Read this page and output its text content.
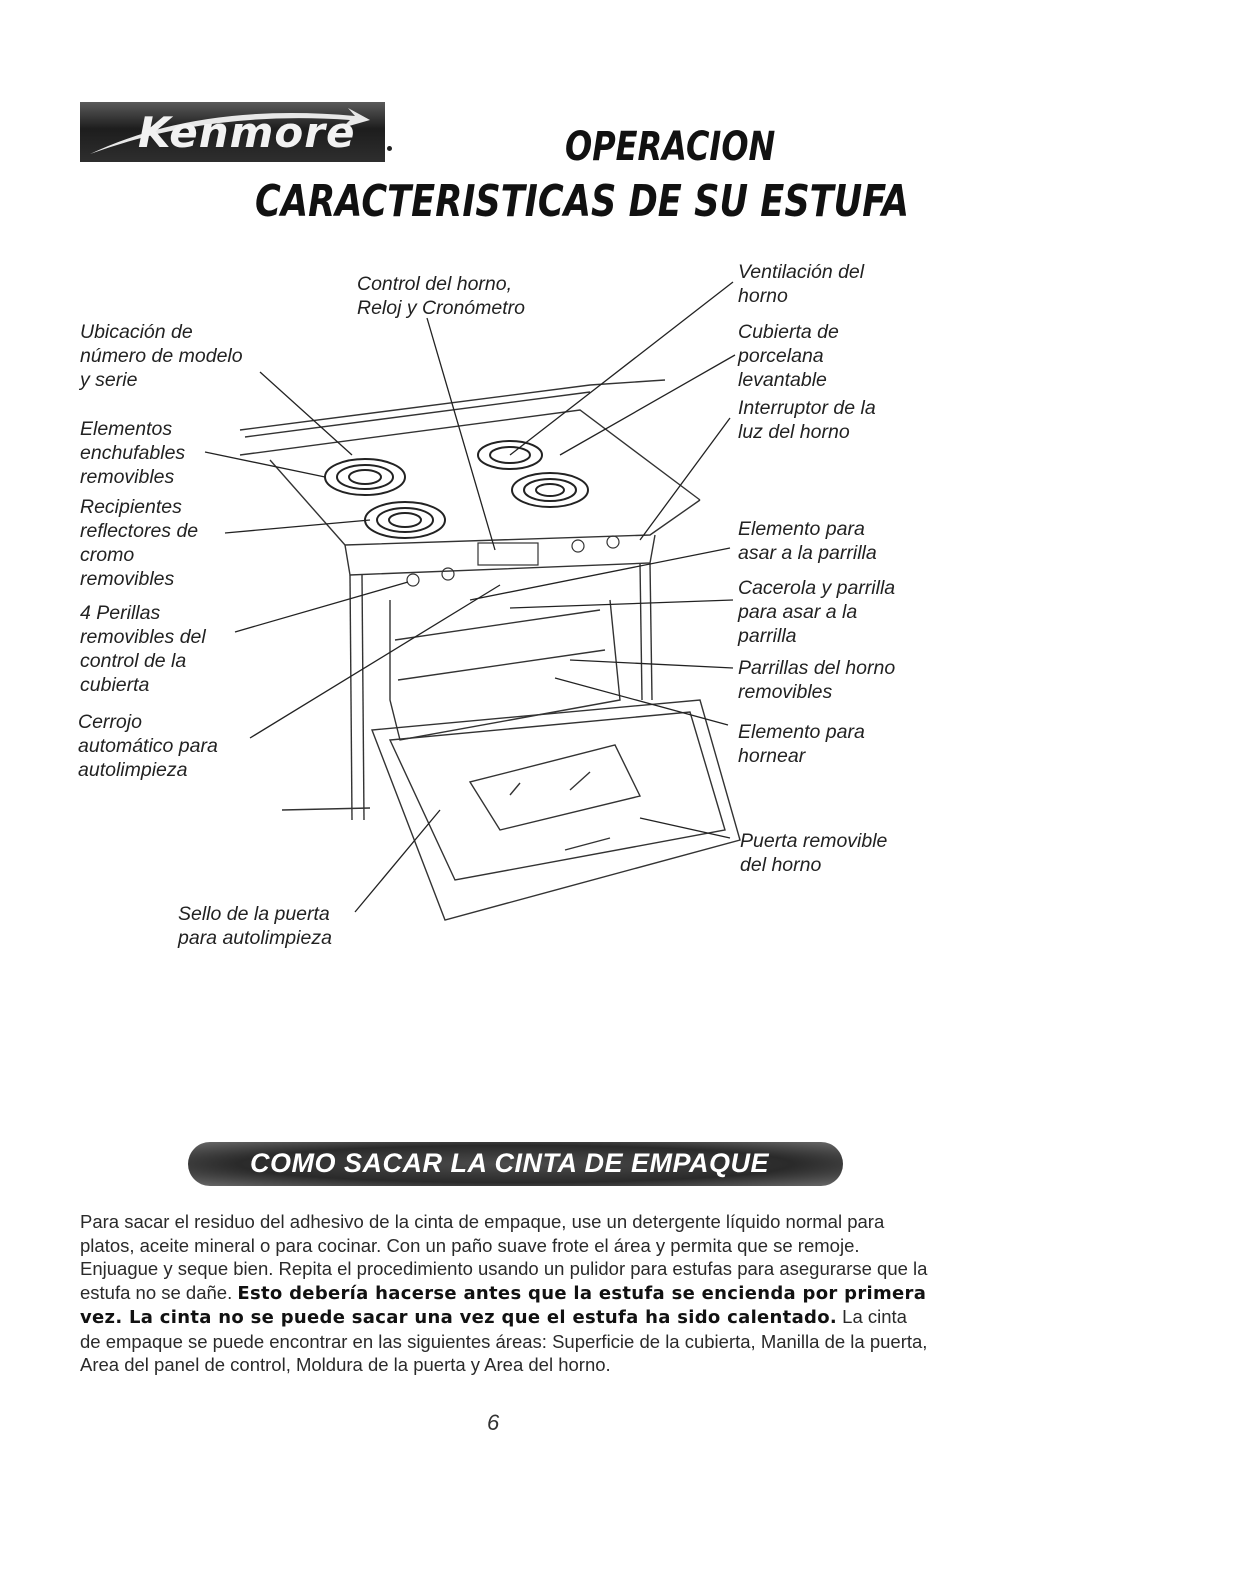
Kenmore	OPERACION
CARACTERISTICAS DE SU ESTUFA
Control del horno,
Reloj y Cronómetro
Ventilación del
horno
Ubicación de
número de modelo
y serie
Cubierta de
porcelana
levantable
Interruptor de la
luz del horno
Elementos
enchufables
removibles
Recipientes
reflectores de
cromo
removibles
Elemento para
asar a la parrilla
4 Perillas
removibles del
control de la
cubierta
Cacerola y parrilla
para asar a la
parrilla
Parrillas del horno
removibles
Cerrojo
automático para
autolimpieza
Elemento para
hornear
Puerta removible
del horno
Sello de la puerta
para autolimpieza
COMO SACAR LA CINTA DE EMPAQUE
Para sacar el residuo del adhesivo de la cinta de empaque, use un detergente líquido normal para platos, aceite mineral o para cocinar. Con un paño suave frote el área y permita que se remoje. Enjuague y seque bien. Repita el procedimiento usando un pulidor para estufas para asegurarse que la estufa no se dañe. Esto debería hacerse antes que la estufa se encienda por primera vez. La cinta no se puede sacar una vez que el estufa ha sido calentado. La cinta de empaque se puede encontrar en las siguientes áreas: Superficie de la cubierta, Manilla de la puerta, Area del panel de control, Moldura de la puerta y Area del horno.
6
